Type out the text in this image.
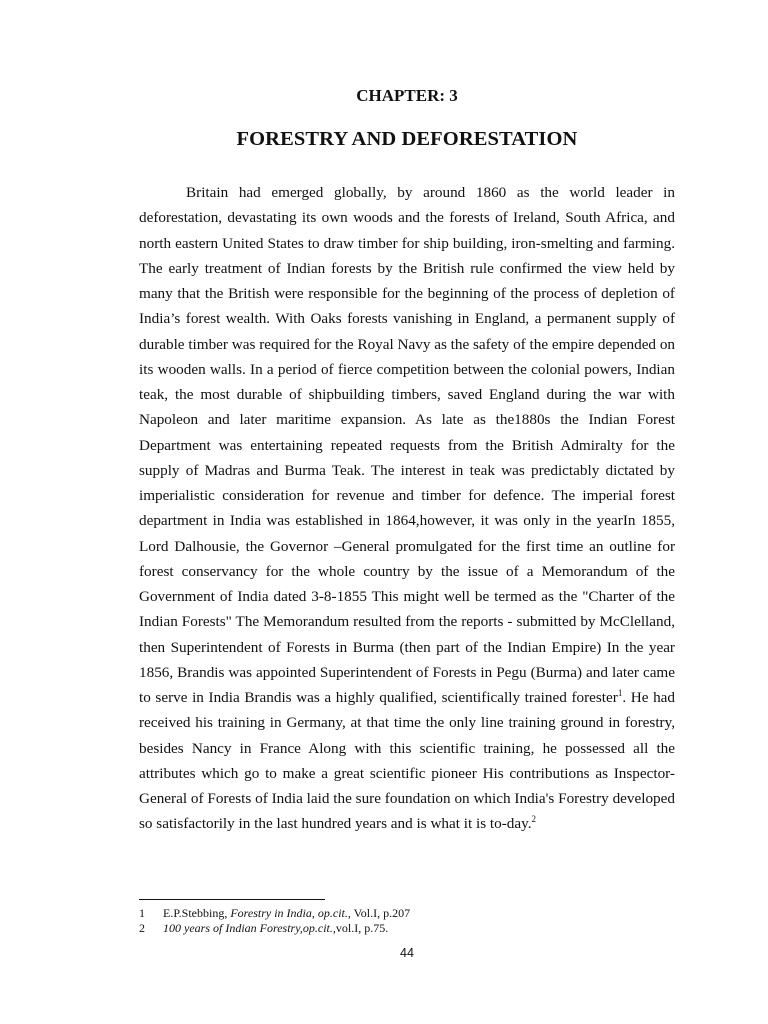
CHAPTER: 3
FORESTRY AND DEFORESTATION

Britain had emerged globally, by around 1860 as the world leader in deforestation, devastating its own woods and the forests of Ireland, South Africa, and north eastern United States to draw timber for ship building, iron-smelting and farming. The early treatment of Indian forests by the British rule confirmed the view held by many that the British were responsible for the beginning of the process of depletion of India’s forest wealth. With Oaks forests vanishing in England, a permanent supply of durable timber was required for the Royal Navy as the safety of the empire depended on its wooden walls. In a period of fierce competition between the colonial powers, Indian teak, the most durable of shipbuilding timbers, saved England during the war with Napoleon and later maritime expansion. As late as the1880s the Indian Forest Department was entertaining repeated requests from the British Admiralty for the supply of Madras and Burma Teak. The interest in teak was predictably dictated by imperialistic consideration for revenue and timber for defence. The imperial forest department in India was established in 1864,however, it was only in the yearIn 1855, Lord Dalhousie, the Governor –General promulgated for the first time an outline for forest conservancy for the whole country by the issue of a Memorandum of the Government of India dated 3-8-1855 This might well be termed as the "Charter of the Indian Forests" The Memorandum resulted from the reports - submitted by McClelland, then Superintendent of Forests in Burma (then part of the Indian Empire) In the year 1856, Brandis was appointed Superintendent of Forests in Pegu (Burma) and later came to serve in India Brandis was a highly qualified, scientifically trained forester$^1$. He had received his training in Germany, at that time the only line training ground in forestry, besides Nancy in France Along with this scientific training, he possessed all the attributes which go to make a great scientific pioneer His contributions as Inspector-General of Forests of India laid the sure foundation on which India's Forestry developed so satisfactorily in the last hundred years and is what it is to-day.$^2$

1	E.P.Stebbing, Forestry in India, op.cit., Vol.I, p.207
2	100 years of Indian Forestry,op.cit.,vol.I, p.75.
44
